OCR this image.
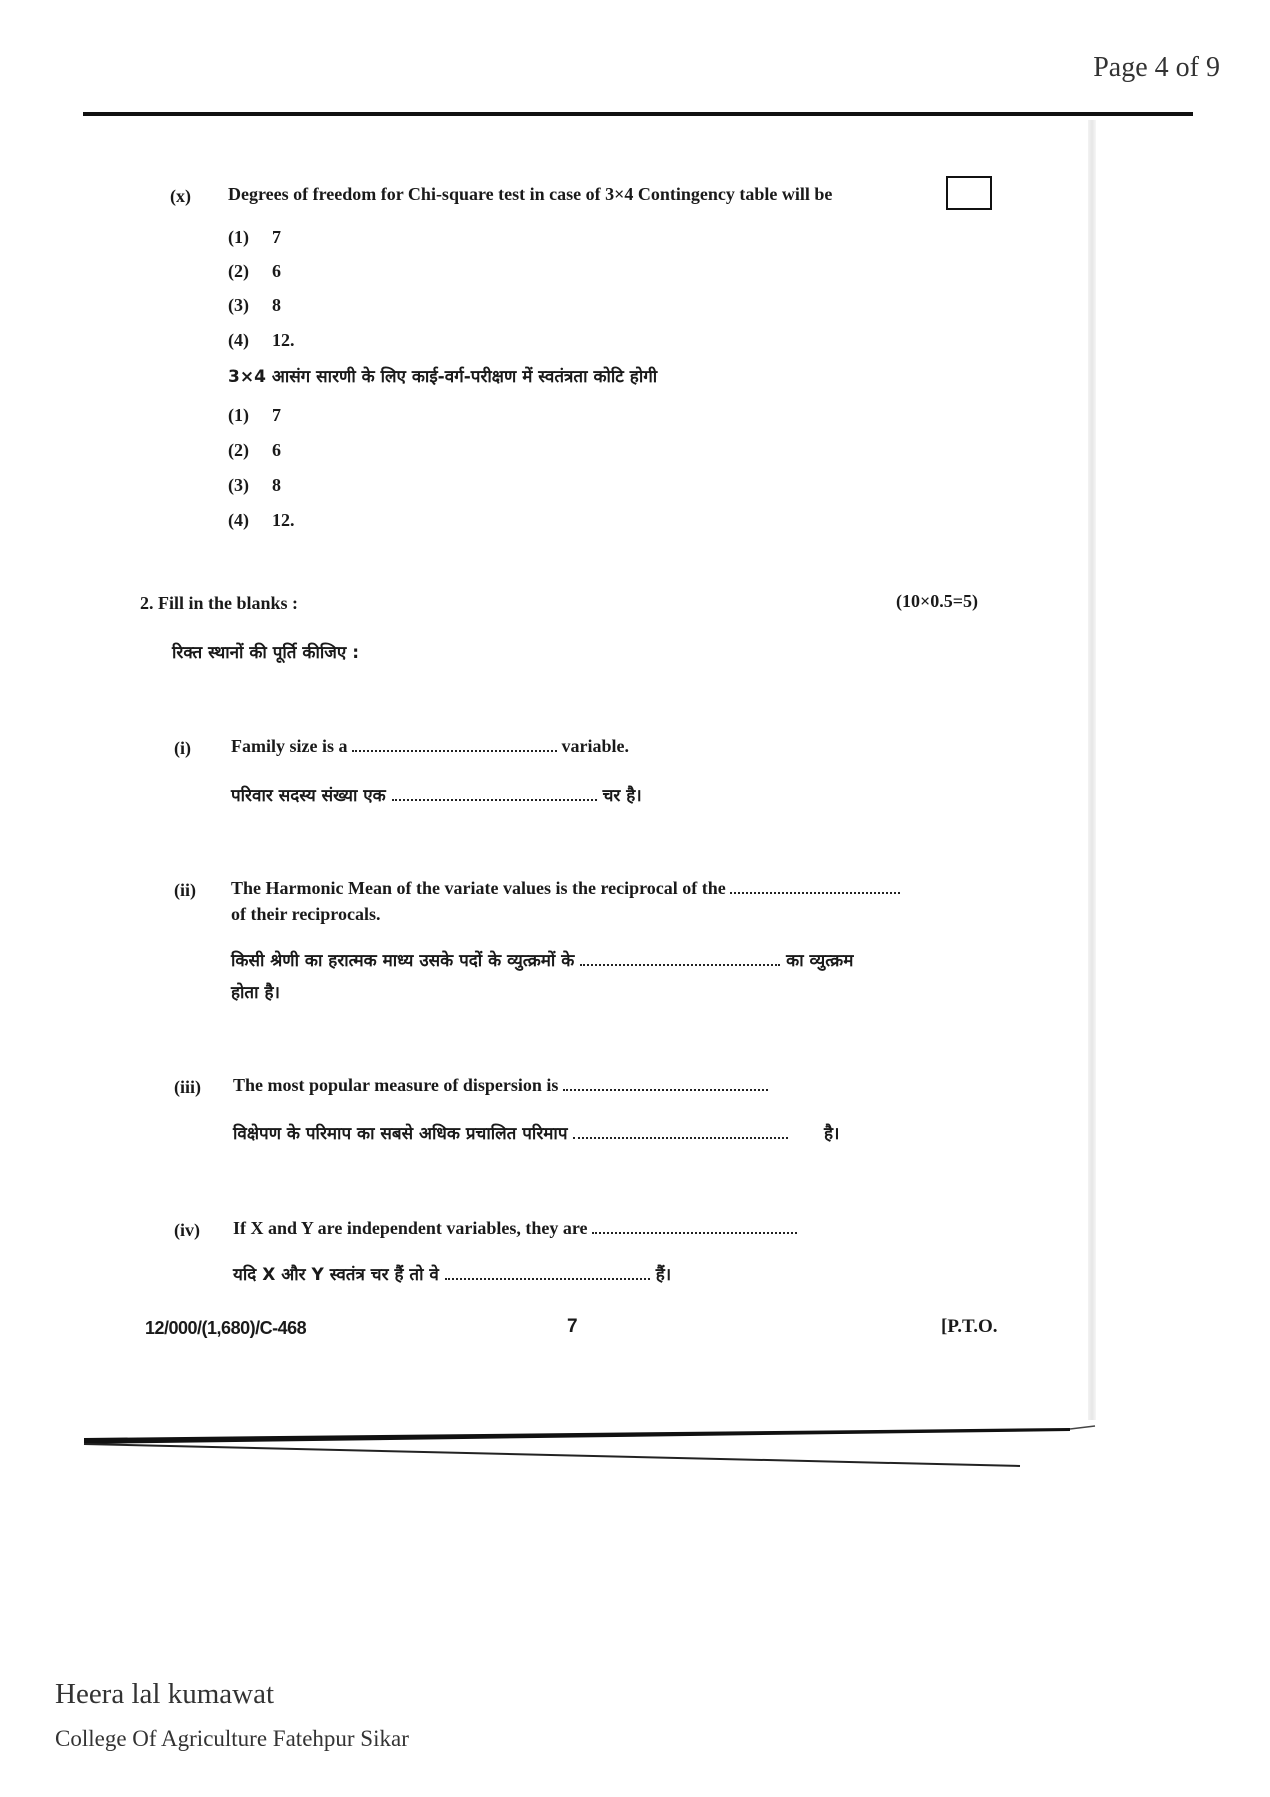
Page 4 of 9
(x) Degrees of freedom for Chi-square test in case of 3×4 Contingency table will be
(1) 7
(2) 6
(3) 8
(4) 12.
3×4 आसंग सारणी के लिए काई-वर्ग-परीक्षण में स्वतंत्रता कोटि होगी
(1) 7
(2) 6
(3) 8
(4) 12.
2. Fill in the blanks :	(10×0.5=5)
रिक्त स्थानों की पूर्ति कीजिए :
(i) Family size is a	variable.
परिवार सदस्य संख्या एक	चर है।
(ii) The Harmonic Mean of the variate values is the reciprocal of the
of their reciprocals.
किसी श्रेणी का हरात्मक माध्य उसके पदों के व्युत्क्रमों के	का व्युत्क्रम
होता है।
(iii) The most popular measure of dispersion is
विक्षेपण के परिमाप का सबसे अधिक प्रचालित परिमाप	है।
(iv) If X and Y are independent variables, they are
यदि X और Y स्वतंत्र चर हैं तो वे	हैं।
12/000/(1,680)/C-468	7	[P.T.O.
Heera lal kumawat
College Of Agriculture Fatehpur Sikar
